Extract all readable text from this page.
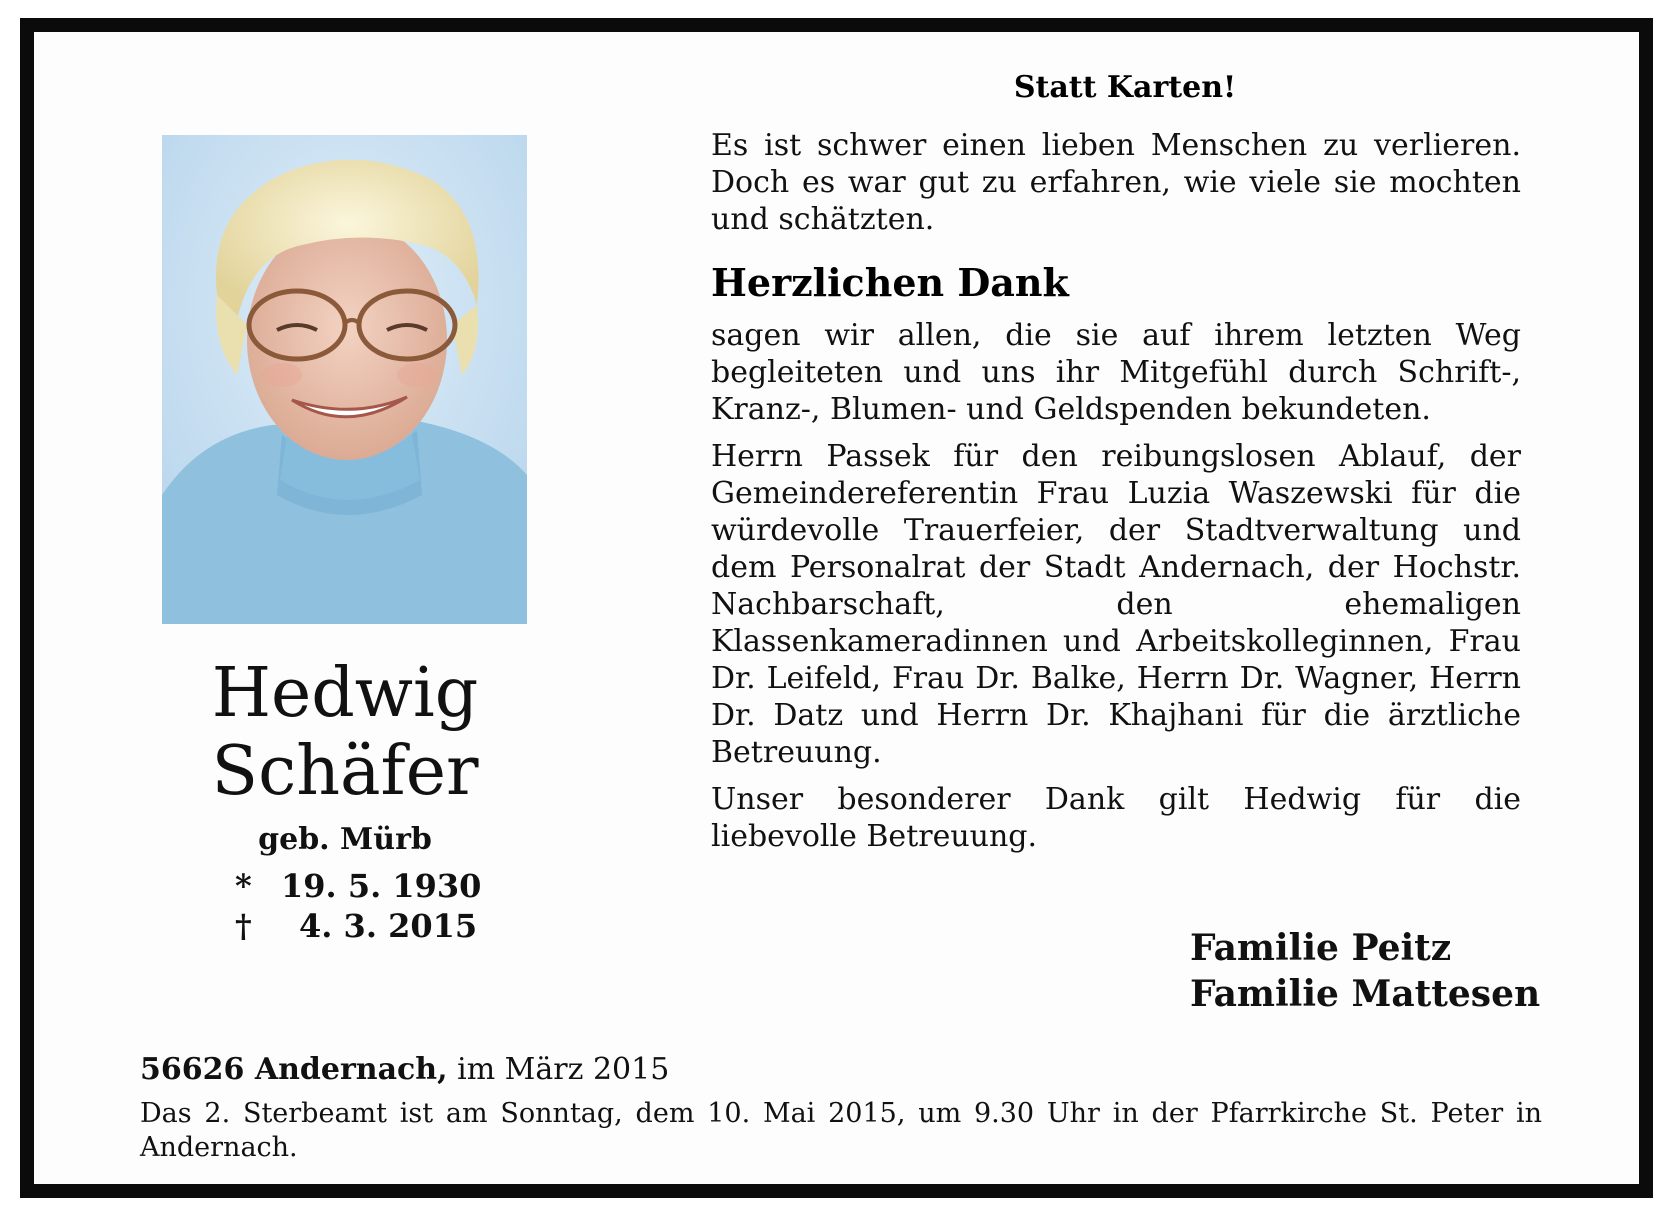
Hedwig
Schäfer
geb. Mürb
* 19. 5. 1930
†	4. 3. 2015
Statt Karten!

Es ist schwer einen lieben Menschen zu verlieren. Doch es war gut zu erfahren, wie viele sie mochten und schätzten.

Herzlichen Dank

sagen wir allen, die sie auf ihrem letzten Weg begleiteten und uns ihr Mitgefühl durch Schrift-, Kranz-, Blumen- und Geldspenden bekundeten.

Herrn Passek für den reibungslosen Ablauf, der Gemeindereferentin Frau Luzia Waszewski für die würdevolle Trauerfeier, der Stadtverwaltung und dem Personalrat der Stadt Andernach, der Hochstr. Nachbarschaft, den ehemaligen Klassenkameradinnen und Arbeitskolleginnen, Frau Dr. Leifeld, Frau Dr. Balke, Herrn Dr. Wagner, Herrn Dr. Datz und Herrn Dr. Khajhani für die ärztliche Betreuung.

Unser besonderer Dank gilt Hedwig für die liebevolle Betreuung.

Familie Peitz
Familie Mattesen
56626 Andernach, im März 2015
Das 2. Sterbeamt ist am Sonntag, dem 10. Mai 2015, um 9.30 Uhr in der Pfarrkirche St. Peter in Andernach.
